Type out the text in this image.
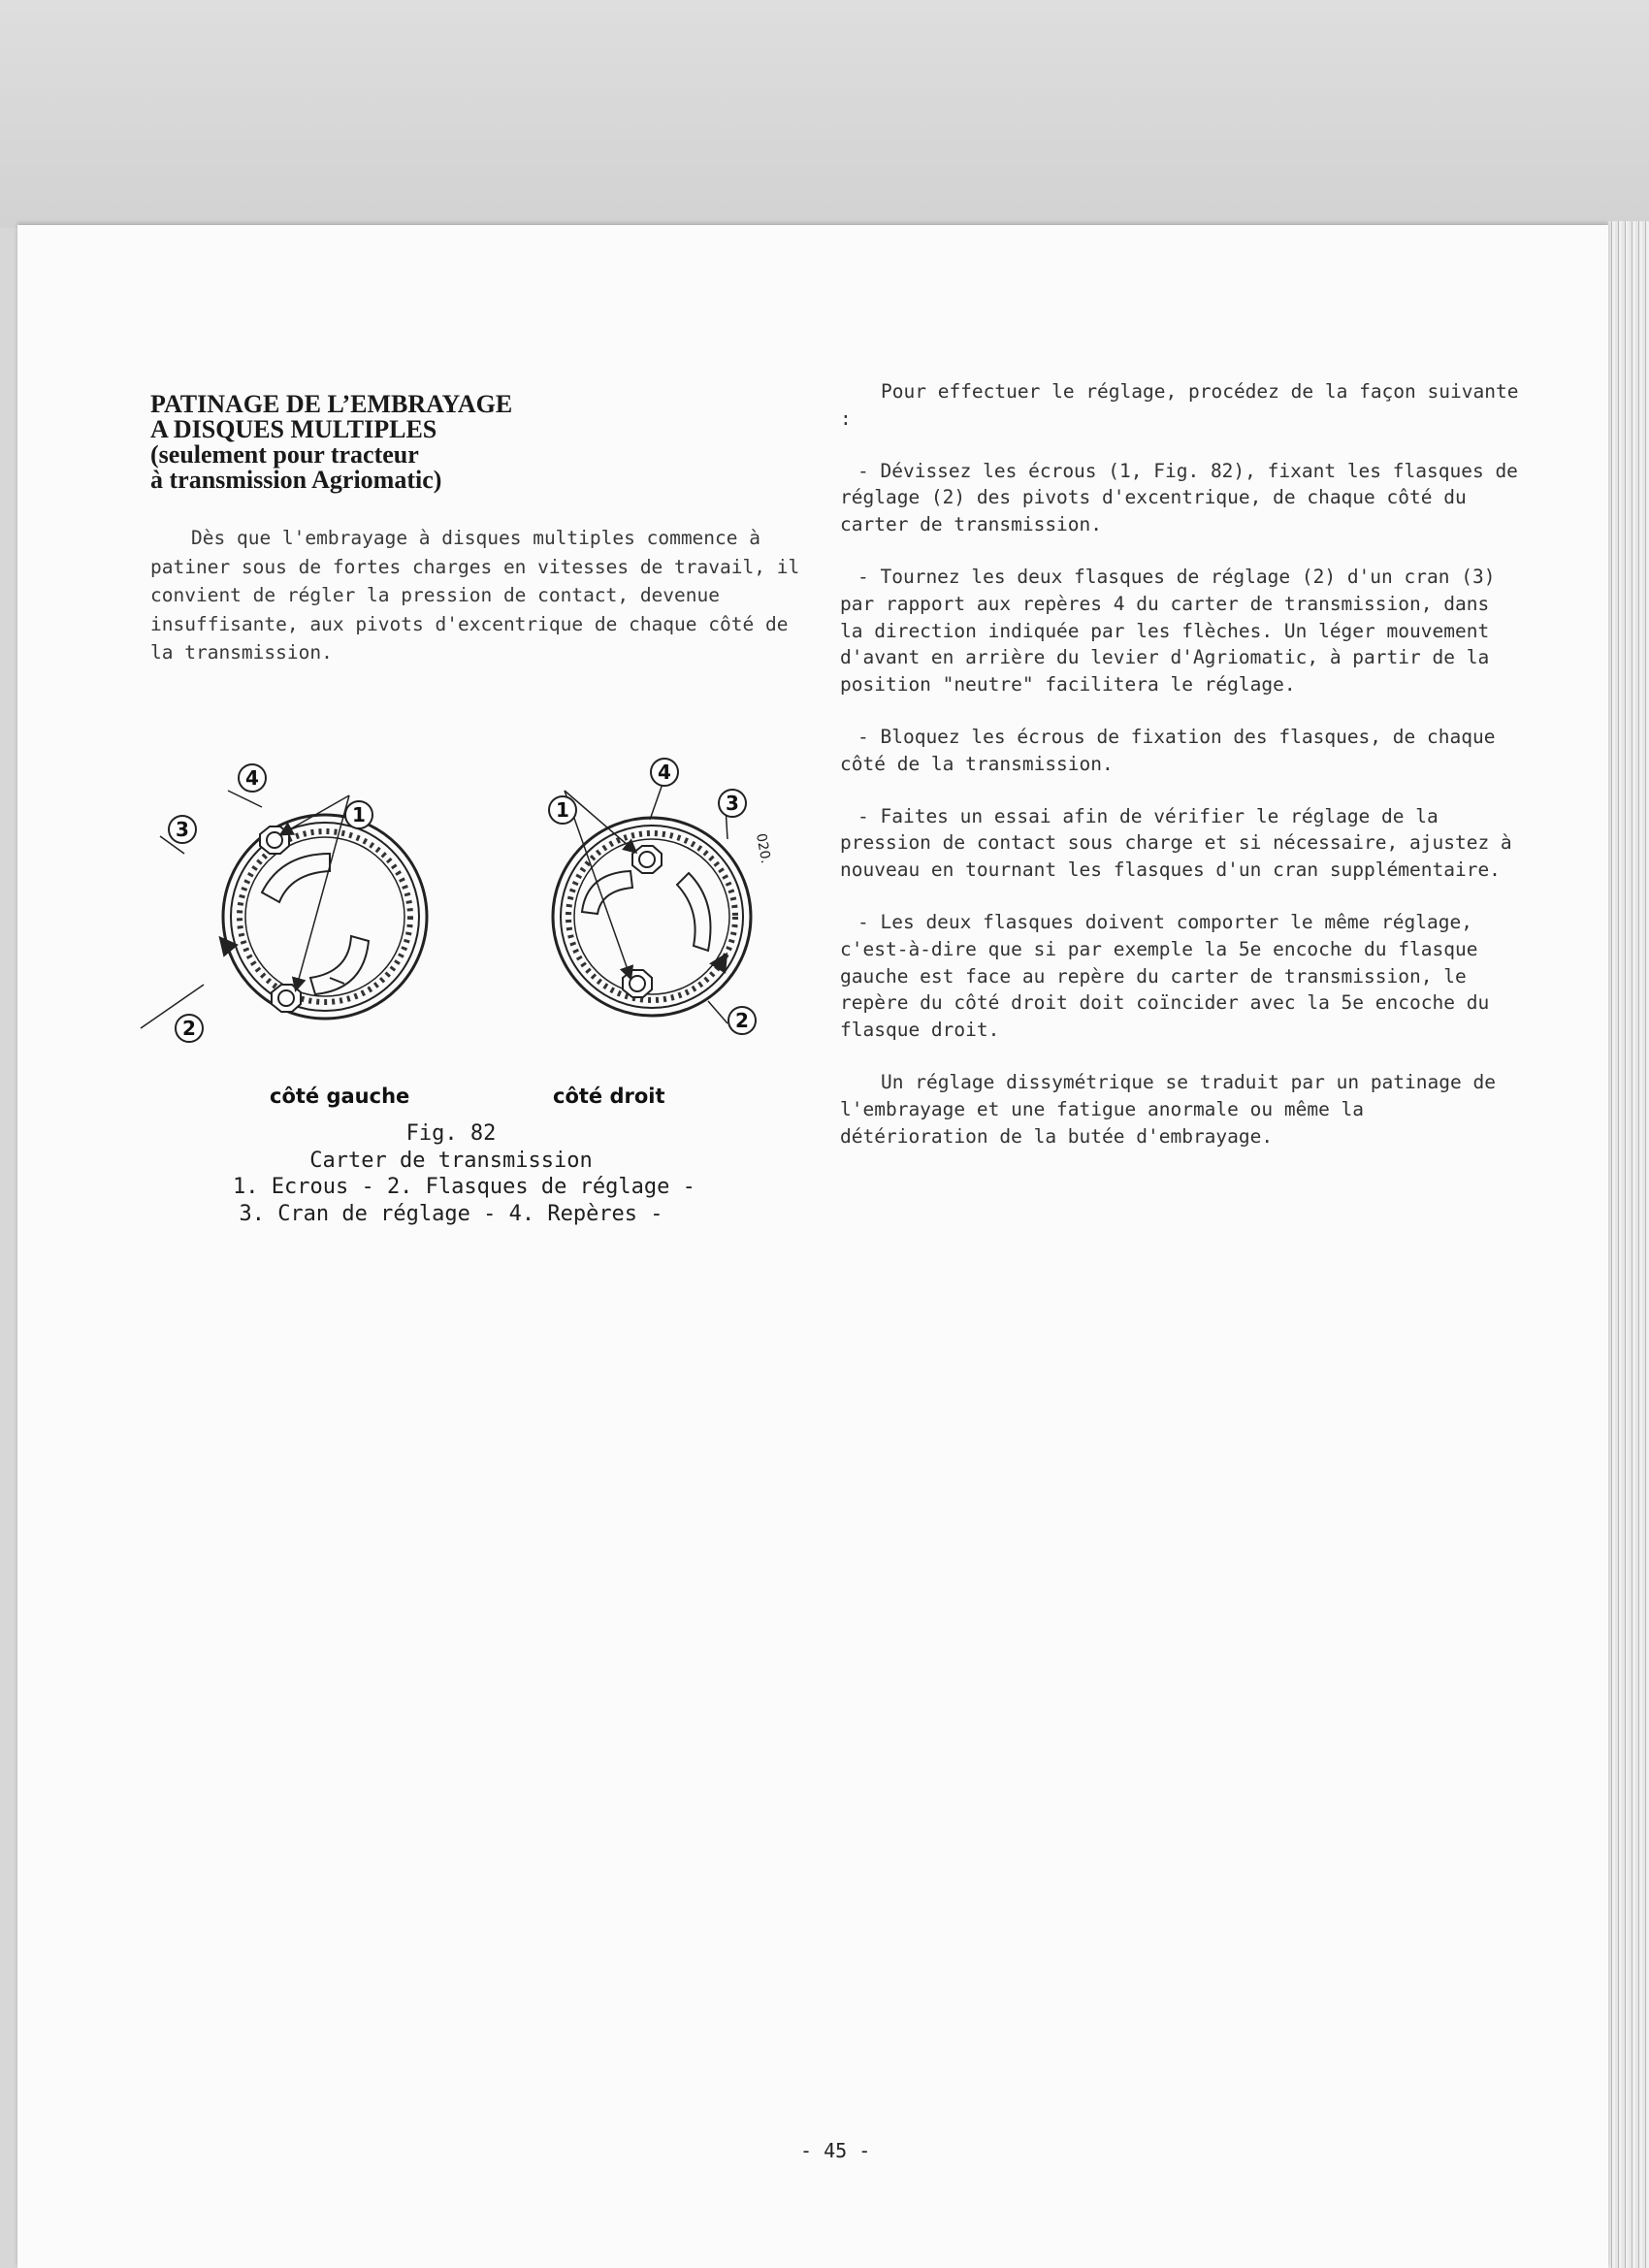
PATINAGE DE L’EMBRAYAGE
A DISQUES MULTIPLES
(seulement pour tracteur
à transmission Agriomatic)

Dès que l'embrayage à disques multiples commence à patiner sous de fortes charges en vitesses de travail, il convient de régler la pression de contact, devenue insuffisante, aux pivots d'excentrique de chaque côté de la transmission.

020.
4
3
1
2
1
4
3
2
côté gauche	côté droit
Fig. 82
Carter de transmission
1. Ecrous - 2. Flasques de réglage -
3. Cran de réglage - 4. Repères -

Pour effectuer le réglage, procédez de la façon suivante :

- Dévissez les écrous (1, Fig. 82), fixant les flasques de réglage (2) des pivots d'excentrique, de chaque côté du carter de transmission.

- Tournez les deux flasques de réglage (2) d'un cran (3) par rapport aux repères 4 du carter de transmission, dans la direction indiquée par les flèches. Un léger mouvement d'avant en arrière du levier d'Agriomatic, à partir de la position "neutre" facilitera le réglage.

- Bloquez les écrous de fixation des flasques, de chaque côté de la transmission.

- Faites un essai afin de vérifier le réglage de la pression de contact sous charge et si nécessaire, ajustez à nouveau en tournant les flasques d'un cran supplémentaire.

- Les deux flasques doivent comporter le même réglage, c'est-à-dire que si par exemple la 5e encoche du flasque gauche est face au repère du carter de transmission, le repère du côté droit doit coïncider avec la 5e encoche du flasque droit.

Un réglage dissymétrique se traduit par un patinage de l'embrayage et une fatigue anormale ou même la détérioration de la butée d'embrayage.

- 45 -
